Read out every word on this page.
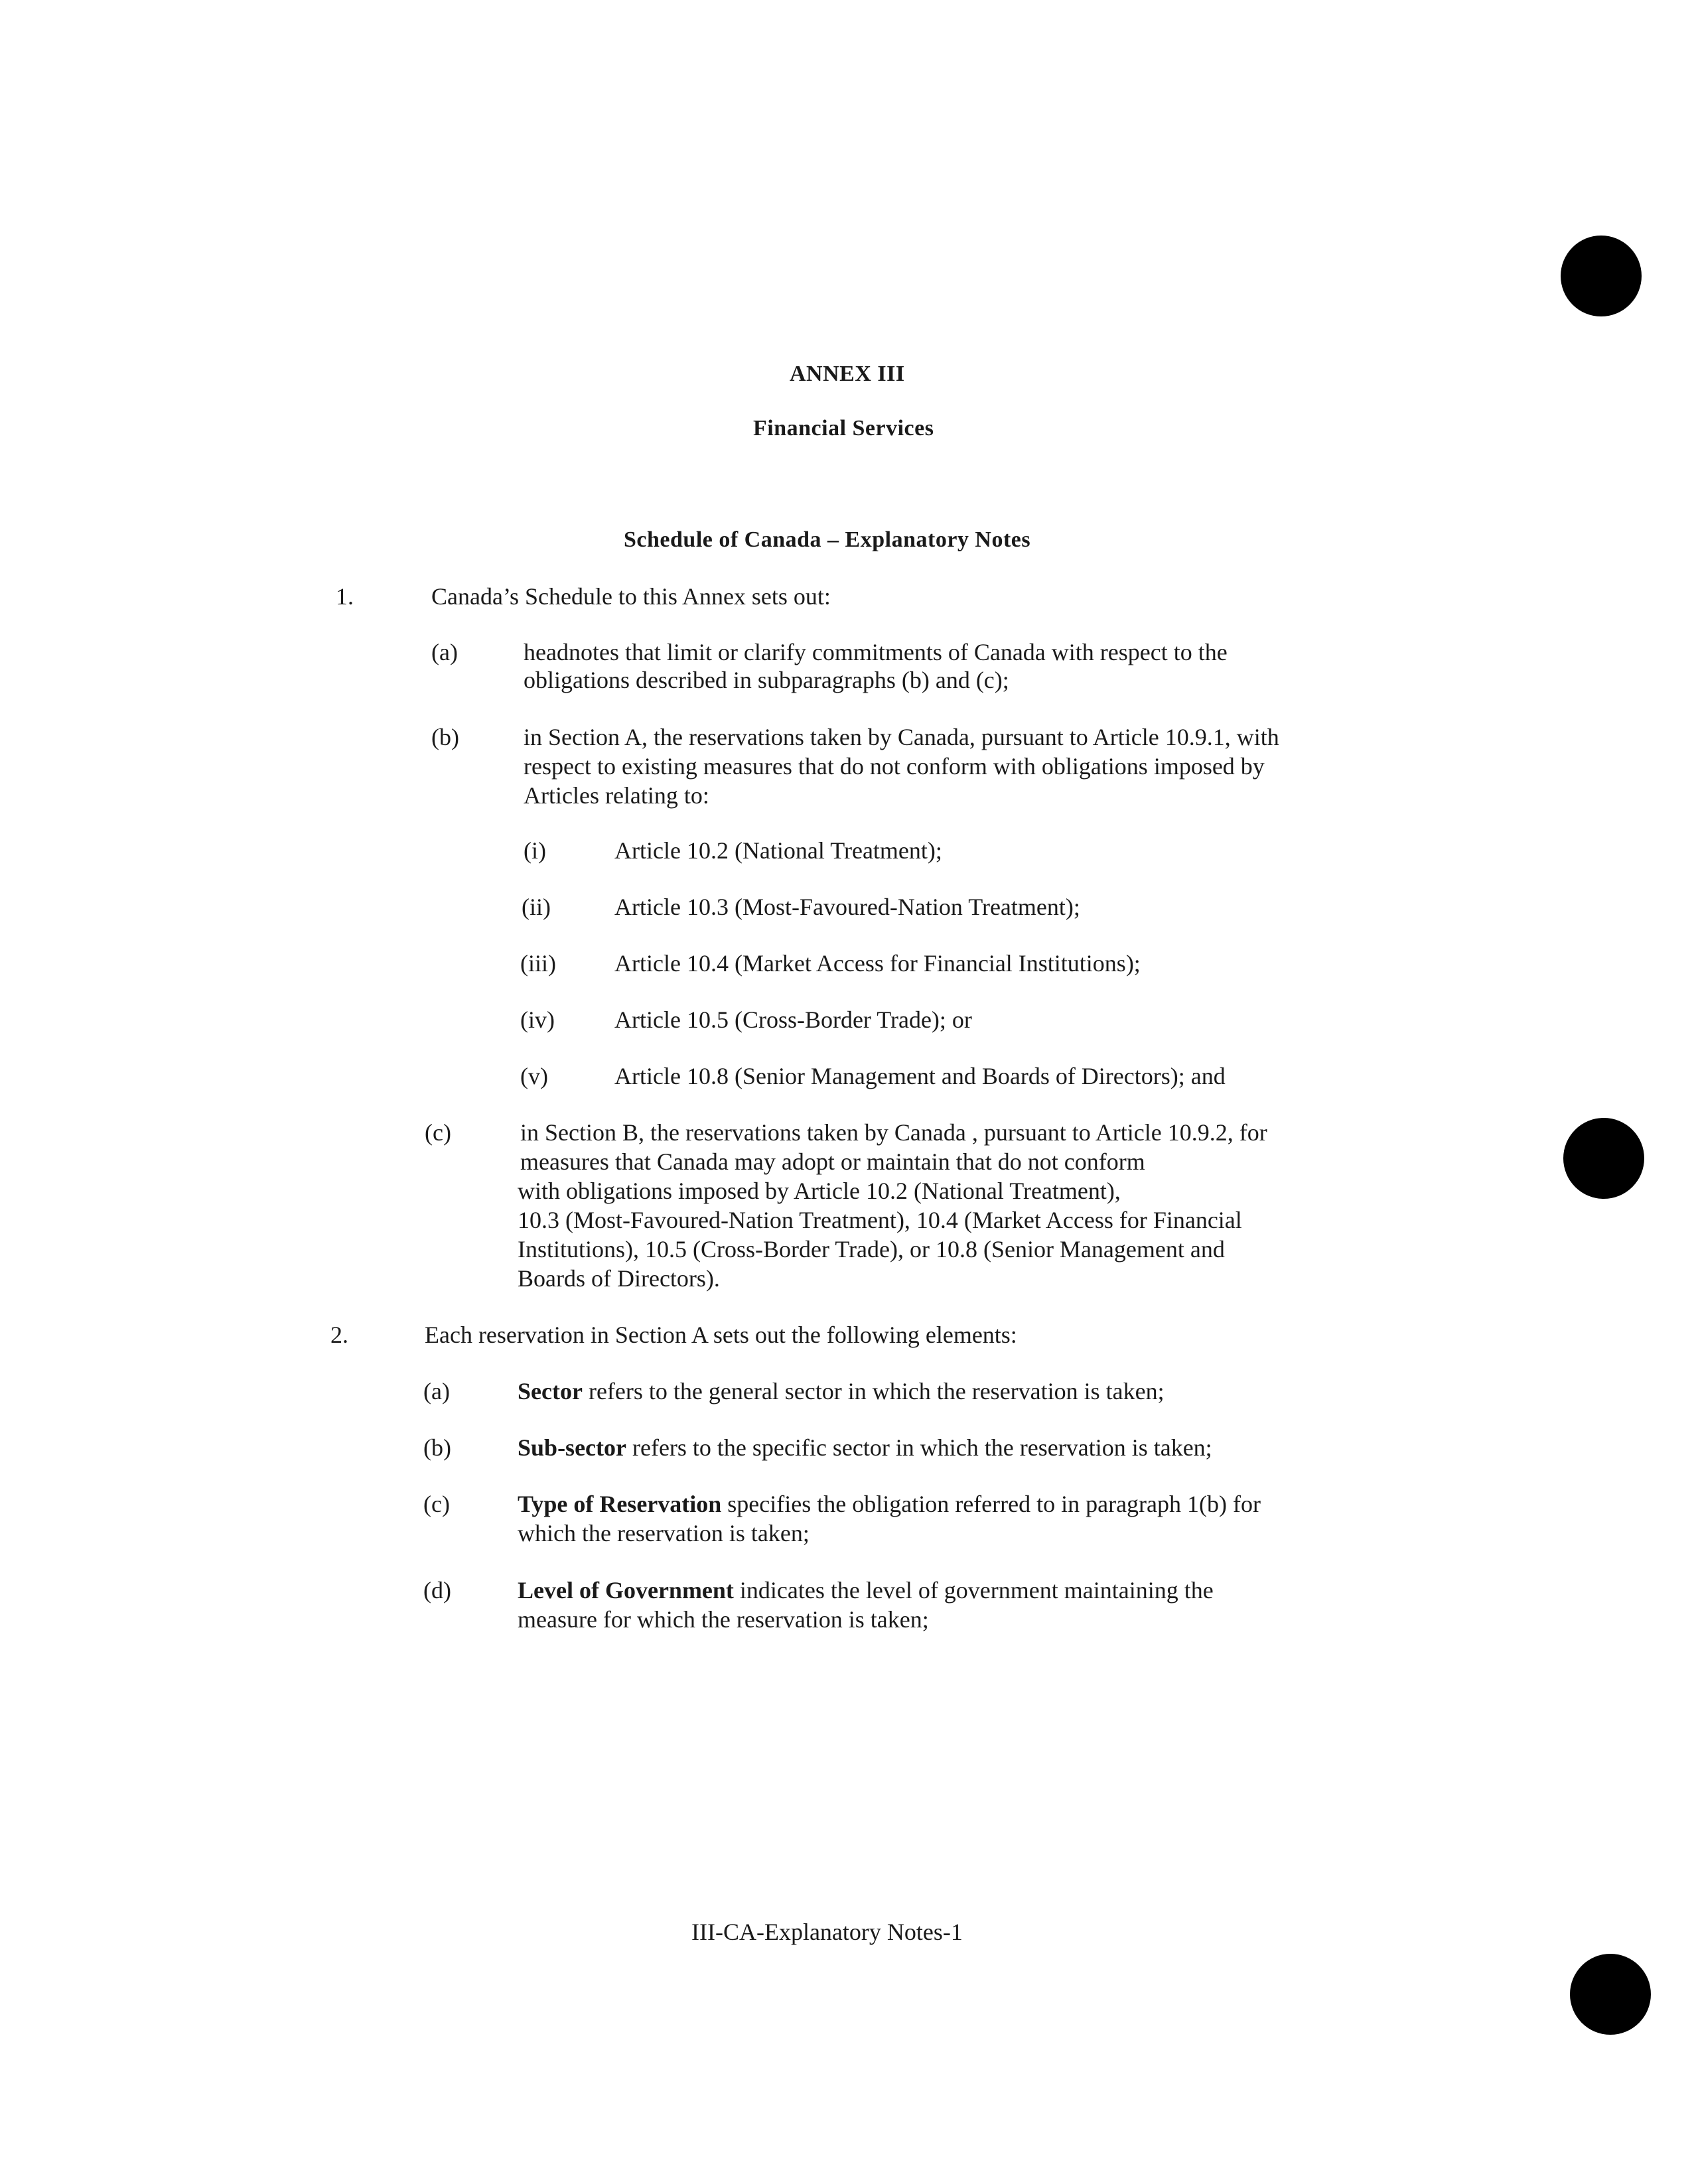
ANNEX III
Financial Services
Schedule of Canada – Explanatory Notes
1.	Canada’s Schedule to this Annex sets out:
(a)	headnotes that limit or clarify commitments of Canada with respect to the
obligations described in subparagraphs (b) and (c);
(b)	in Section A, the reservations taken by Canada, pursuant to Article 10.9.1, with
respect to existing measures that do not conform with obligations imposed by
Articles relating to:
(i)	Article 10.2 (National Treatment);
(ii)	Article 10.3 (Most-Favoured-Nation Treatment);
(iii) Article 10.4 (Market Access for Financial Institutions);
(iv)	Article 10.5 (Cross-Border Trade); or
(v)	Article 10.8 (Senior Management and Boards of Directors); and
(c)	in Section B, the reservations taken by Canada , pursuant to Article 10.9.2, for
measures that Canada may adopt or maintain that do not conform
with obligations imposed by Article 10.2 (National Treatment),
10.3 (Most-Favoured-Nation Treatment), 10.4 (Market Access for Financial
Institutions), 10.5 (Cross-Border Trade), or 10.8 (Senior Management and
Boards of Directors).
2.	Each reservation in Section A sets out the following elements:
(a)	Sector refers to the general sector in which the reservation is taken;
(b)	Sub-sector refers to the specific sector in which the reservation is taken;
(c)	Type of Reservation specifies the obligation referred to in paragraph 1(b) for
which the reservation is taken;
(d)	Level of Government indicates the level of government maintaining the
measure for which the reservation is taken;
III-CA-Explanatory Notes-1
